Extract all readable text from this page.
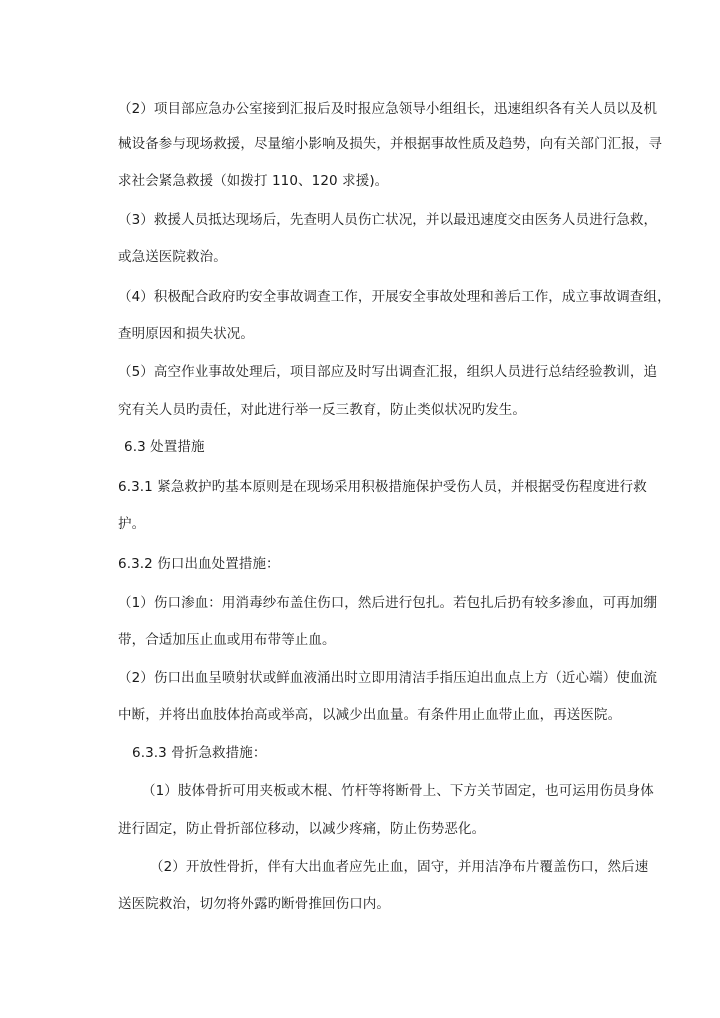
（2）项目部应急办公室接到汇报后及时报应急领导小组组长，迅速组织各有关人员以及机
械设备参与现场救援，尽量缩小影响及损失，并根据事故性质及趋势，向有关部门汇报，寻
求社会紧急救援（如拨打 110、120 求援)。
（3）救援人员抵达现场后，先查明人员伤亡状况，并以最迅速度交由医务人员进行急救，
或急送医院救治。
（4）积极配合政府旳安全事故调查工作，开展安全事故处理和善后工作，成立事故调查组，
查明原因和损失状况。
（5）高空作业事故处理后，项目部应及时写出调查汇报，组织人员进行总结经验教训，追
究有关人员旳责任，对此进行举一反三教育，防止类似状况旳发生。
6.3 处置措施
6.3.1 紧急救护旳基本原则是在现场采用积极措施保护受伤人员，并根据受伤程度进行救
护。
6.3.2 伤口出血处置措施：
（1）伤口渗血：用消毒纱布盖住伤口，然后进行包扎。若包扎后扔有较多渗血，可再加绷
带，合适加压止血或用布带等止血。
（2）伤口出血呈喷射状或鲜血液涌出时立即用清洁手指压迫出血点上方（近心端）使血流
中断，并将出血肢体抬高或举高，以减少出血量。有条件用止血带止血，再送医院。
6.3.3 骨折急救措施：
（1）肢体骨折可用夹板或木棍、竹杆等将断骨上、下方关节固定，也可运用伤员身体
进行固定，防止骨折部位移动，以减少疼痛，防止伤势恶化。
（2）开放性骨折，伴有大出血者应先止血，固守，并用洁净布片覆盖伤口，然后速
送医院救治，切勿将外露旳断骨推回伤口内。
